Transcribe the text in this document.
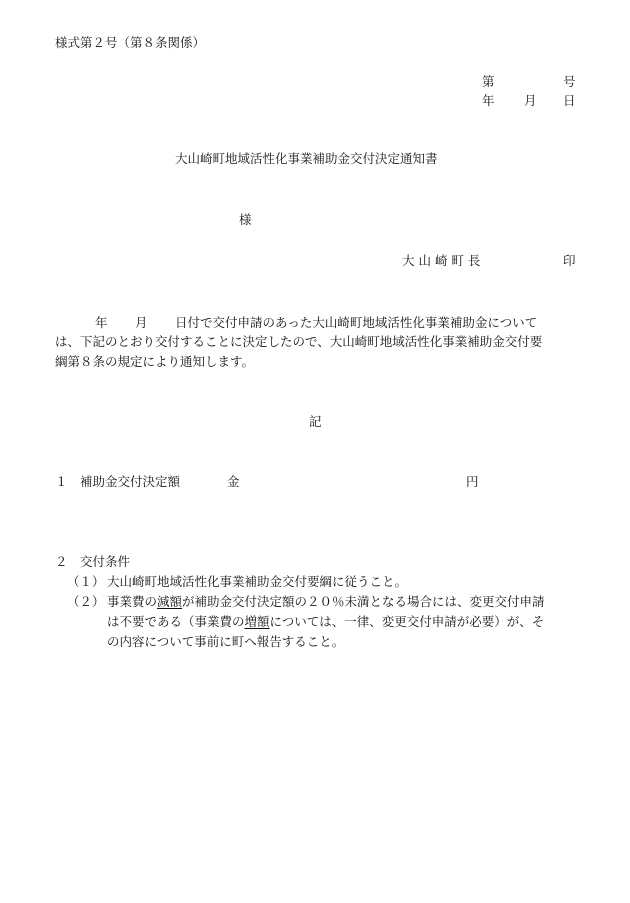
様式第２号（第８条関係）
第	号
年 月 日
大山崎町地域活性化事業補助金交付決定通知書
様
大 山 崎 町 長	印
年 月 日付で交付申請のあった大山崎町地域活性化事業補助金について
は、下記のとおり交付することに決定したので、大山崎町地域活性化事業補助金交付要
綱第８条の規定により通知します。
記
１ 補助金交付決定額	金	円
２ 交付条件
（１） 大山崎町地域活性化事業補助金交付要綱に従うこと。
（２） 事業費の減額が補助金交付決定額の２０％未満となる場合には、変更交付申請
は不要である（事業費の増額については、一律、変更交付申請が必要）が、そ
の内容について事前に町へ報告すること。
